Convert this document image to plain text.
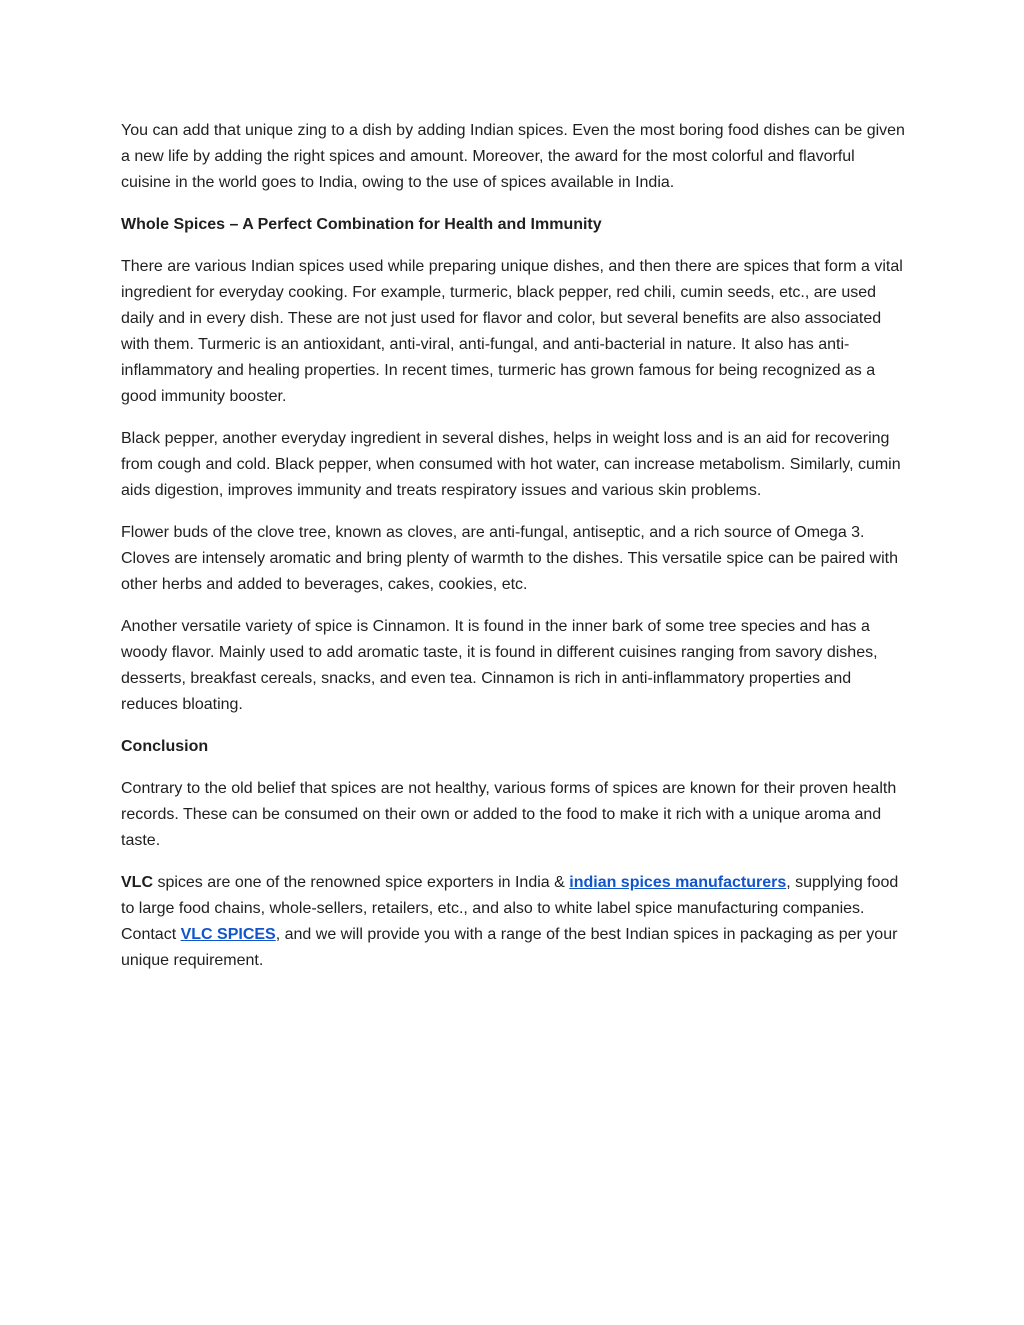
You can add that unique zing to a dish by adding Indian spices. Even the most boring food dishes can be given a new life by adding the right spices and amount. Moreover, the award for the most colorful and flavorful cuisine in the world goes to India, owing to the use of spices available in India.

Whole Spices – A Perfect Combination for Health and Immunity

There are various Indian spices used while preparing unique dishes, and then there are spices that form a vital ingredient for everyday cooking. For example, turmeric, black pepper, red chili, cumin seeds, etc., are used daily and in every dish. These are not just used for flavor and color, but several benefits are also associated with them. Turmeric is an antioxidant, anti-viral, anti-fungal, and anti-bacterial in nature. It also has anti-inflammatory and healing properties. In recent times, turmeric has grown famous for being recognized as a good immunity booster.

Black pepper, another everyday ingredient in several dishes, helps in weight loss and is an aid for recovering from cough and cold. Black pepper, when consumed with hot water, can increase metabolism. Similarly, cumin aids digestion, improves immunity and treats respiratory issues and various skin problems.

Flower buds of the clove tree, known as cloves, are anti-fungal, antiseptic, and a rich source of Omega 3. Cloves are intensely aromatic and bring plenty of warmth to the dishes. This versatile spice can be paired with other herbs and added to beverages, cakes, cookies, etc.

Another versatile variety of spice is Cinnamon. It is found in the inner bark of some tree species and has a woody flavor. Mainly used to add aromatic taste, it is found in different cuisines ranging from savory dishes, desserts, breakfast cereals, snacks, and even tea. Cinnamon is rich in anti-inflammatory properties and reduces bloating.

Conclusion

Contrary to the old belief that spices are not healthy, various forms of spices are known for their proven health records. These can be consumed on their own or added to the food to make it rich with a unique aroma and taste.

VLC spices are one of the renowned spice exporters in India & indian spices manufacturers, supplying food to large food chains, whole-sellers, retailers, etc., and also to white label spice manufacturing companies. Contact VLC SPICES, and we will provide you with a range of the best Indian spices in packaging as per your unique requirement.
